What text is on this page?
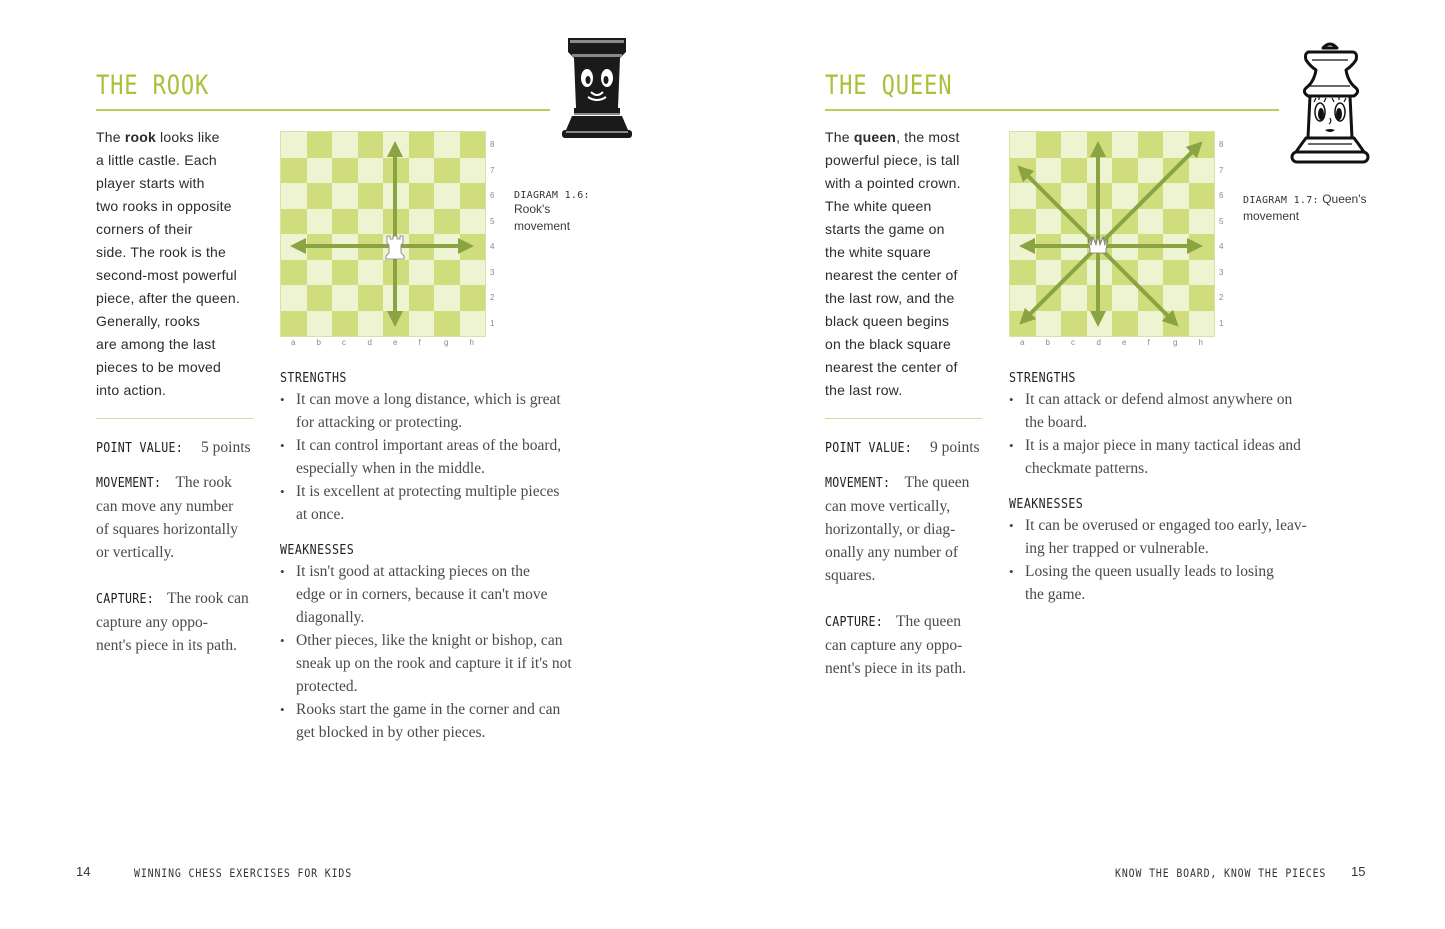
THE ROOK
The rook looks like
a little castle. Each
player starts with
two rooks in opposite
corners of their
side. The rook is the
second-most powerful
piece, after the queen.
Generally, rooks
are among the last
pieces to be moved
into action.
POINT VALUE: 5 points
MOVEMENT: The rook
can move any number
of squares horizontally
or vertically.
CAPTURE: The rook can
capture any oppo-
nent's piece in its path.
8
7
6
5
4
3
2
1
a	b	c	d	e	f	g	h
DIAGRAM 1.6:
Rook's
movement
STRENGTHS
• It can move a long distance, which is great
for attacking or protecting.
• It can control important areas of the board,
especially when in the middle.
• It is excellent at protecting multiple pieces
at once.
WEAKNESSES
• It isn't good at attacking pieces on the
edge or in corners, because it can't move
diagonally.
• Other pieces, like the knight or bishop, can
sneak up on the rook and capture it if it's not
protected.
• Rooks start the game in the corner and can
get blocked in by other pieces.
14	WINNING CHESS EXERCISES FOR KIDS
THE QUEEN
The queen, the most
powerful piece, is tall
with a pointed crown.
The white queen
starts the game on
the white square
nearest the center of
the last row, and the
black queen begins
on the black square
nearest the center of
the last row.
POINT VALUE: 9 points
MOVEMENT: The queen
can move vertically,
horizontally, or diag-
onally any number of
squares.
CAPTURE: The queen
can capture any oppo-
nent's piece in its path.
8
7
6
5
4
3
2
1
a	b	c	d	e	f	g	h
DIAGRAM 1.7: Queen's
movement
STRENGTHS
• It can attack or defend almost anywhere on
the board.
• It is a major piece in many tactical ideas and
checkmate patterns.
WEAKNESSES
• It can be overused or engaged too early, leav-
ing her trapped or vulnerable.
• Losing the queen usually leads to losing
the game.
KNOW THE BOARD, KNOW THE PIECES 15
